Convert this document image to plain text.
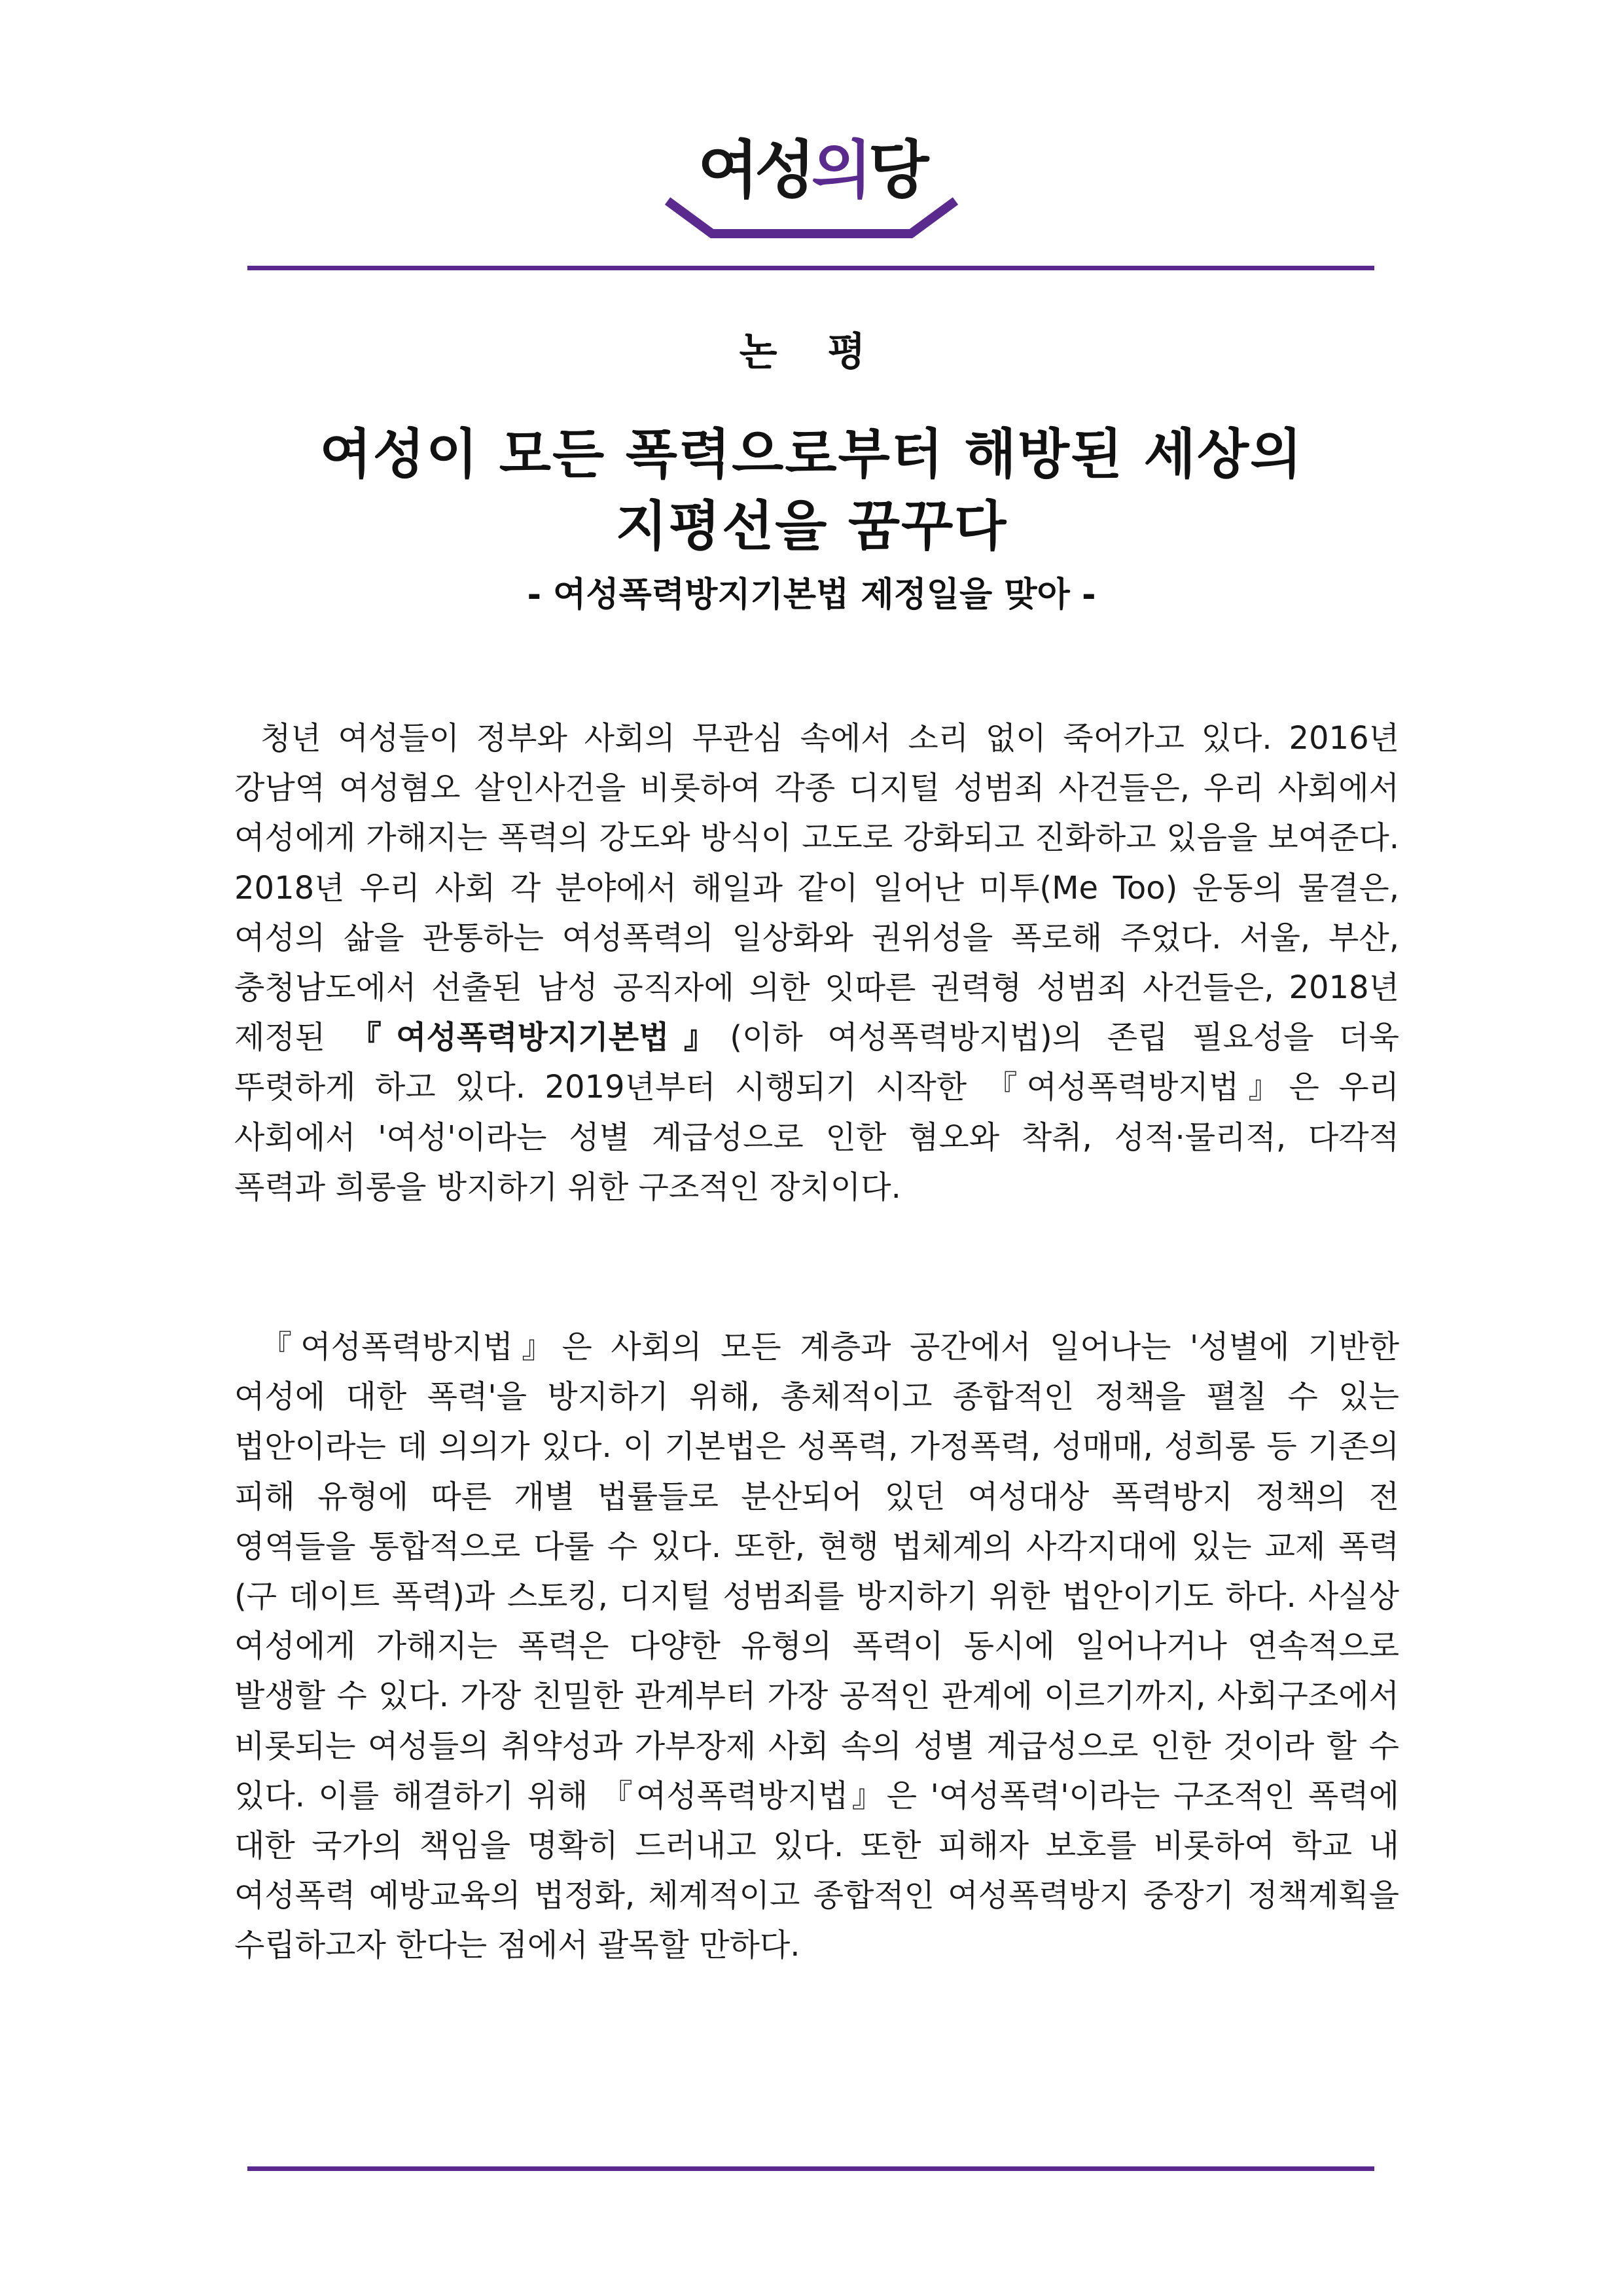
여성의당
논 평
여성이 모든 폭력으로부터 해방된 세상의
지평선을 꿈꾸다
- 여성폭력방지기본법 제정일을 맞아 -

청년 여성들이 정부와 사회의 무관심 속에서 소리 없이 죽어가고 있다. 2016년 강남역 여성혐오 살인사건을 비롯하여 각종 디지털 성범죄 사건들은, 우리 사회에서 여성에게 가해지는 폭력의 강도와 방식이 고도로 강화되고 진화하고 있음을 보여준다. 2018년 우리 사회 각 분야에서 해일과 같이 일어난 미투(Me Too) 운동의 물결은, 여성의 삶을 관통하는 여성폭력의 일상화와 권위성을 폭로해 주었다. 서울, 부산, 충청남도에서 선출된 남성 공직자에 의한 잇따른 권력형 성범죄 사건들은, 2018년 제정된 『여성폭력방지기본법』(이하 여성폭력방지법)의 존립 필요성을 더욱 뚜렷하게 하고 있다. 2019년부터 시행되기 시작한 『여성폭력방지법』은 우리 사회에서 '여성'이라는 성별 계급성으로 인한 혐오와 착취, 성적·물리적, 다각적 폭력과 희롱을 방지하기 위한 구조적인 장치이다.

『여성폭력방지법』은 사회의 모든 계층과 공간에서 일어나는 '성별에 기반한 여성에 대한 폭력'을 방지하기 위해, 총체적이고 종합적인 정책을 펼칠 수 있는 법안이라는 데 의의가 있다. 이 기본법은 성폭력, 가정폭력, 성매매, 성희롱 등 기존의 피해 유형에 따른 개별 법률들로 분산되어 있던 여성대상 폭력방지 정책의 전 영역들을 통합적으로 다룰 수 있다. 또한, 현행 법체계의 사각지대에 있는 교제 폭력(구 데이트 폭력)과 스토킹, 디지털 성범죄를 방지하기 위한 법안이기도 하다. 사실상 여성에게 가해지는 폭력은 다양한 유형의 폭력이 동시에 일어나거나 연속적으로 발생할 수 있다. 가장 친밀한 관계부터 가장 공적인 관계에 이르기까지, 사회구조에서 비롯되는 여성들의 취약성과 가부장제 사회 속의 성별 계급성으로 인한 것이라 할 수 있다. 이를 해결하기 위해 『여성폭력방지법』은 '여성폭력'이라는 구조적인 폭력에 대한 국가의 책임을 명확히 드러내고 있다. 또한 피해자 보호를 비롯하여 학교 내 여성폭력 예방교육의 법정화, 체계적이고 종합적인 여성폭력방지 중장기 정책계획을 수립하고자 한다는 점에서 괄목할 만하다.
